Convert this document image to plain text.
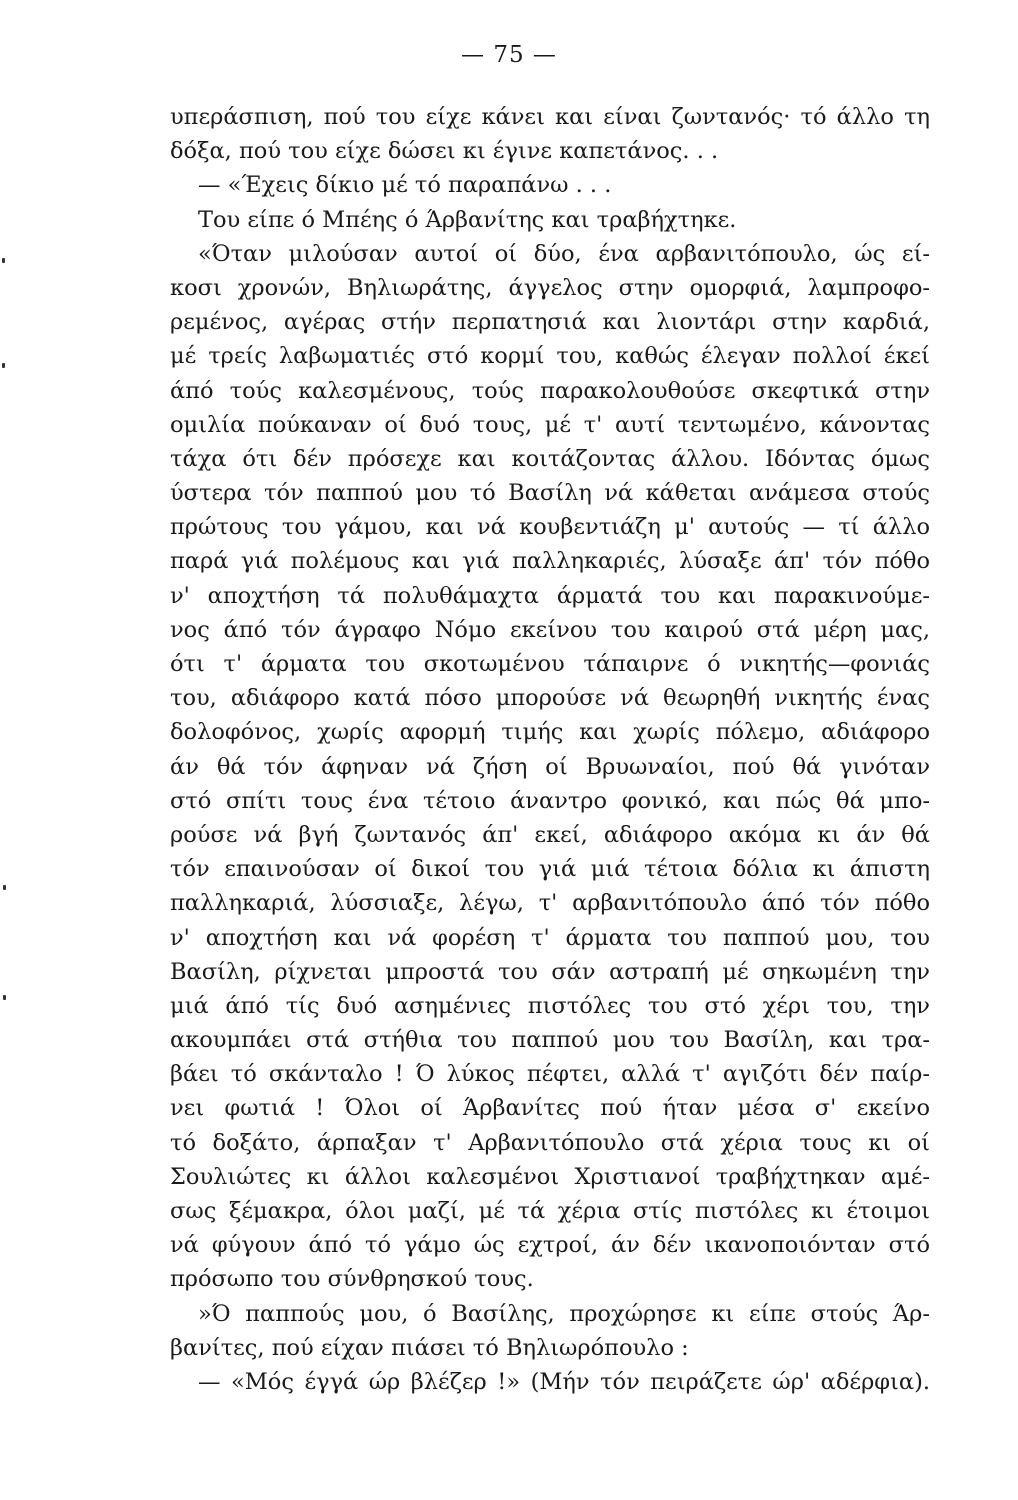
— 75 —
υπεράσπιση, πού του είχε κάνει και είναι ζωντανός· τό άλλο τη
δόξα, πού του είχε δώσει κι έγινε καπετάνος. . .
— «Έχεις δίκιο μέ τό παραπάνω . . .
Του είπε ό Μπέης ό Άρβανίτης και τραβήχτηκε.
«Όταν μιλούσαν αυτοί οί δύο, ένα αρβανιτόπουλο, ώς εί-
κοσι χρονών, Βηλιωράτης, άγγελος στην ομορφιά, λαμπροφο-
ρεμένος, αγέρας στήν περπατησιά και λιοντάρι στην καρδιά,
μέ τρείς λαβωματιές στό κορμί του, καθώς έλεγαν πολλοί έκεί
άπό τούς καλεσμένους, τούς παρακολουθούσε σκεφτικά στην
ομιλία πούκαναν οί δυό τους, μέ τ' αυτί τεντωμένο, κάνοντας
τάχα ότι δέν πρόσεχε και κοιτάζοντας άλλου. Ιδόντας όμως
ύστερα τόν παππού μου τό Βασίλη νά κάθεται ανάμεσα στούς
πρώτους του γάμου, και νά κουβεντιάζη μ' αυτούς — τί άλλο
παρά γιά πολέμους και γιά παλληκαριές, λύσαξε άπ' τόν πόθο
ν' αποχτήση τά πολυθάμαχτα άρματά του και παρακινούμε-
νος άπό τόν άγραφο Νόμο εκείνου του καιρού στά μέρη μας,
ότι τ' άρματα του σκοτωμένου τάπαιρνε ό νικητής—φονιάς
του, αδιάφορο κατά πόσο μπορούσε νά θεωρηθή νικητής ένας
δολοφόνος, χωρίς αφορμή τιμής και χωρίς πόλεμο, αδιάφορο
άν θά τόν άφηναν νά ζήση οί Βρυωναίοι, πού θά γινόταν
στό σπίτι τους ένα τέτοιο άναντρο φονικό, και πώς θά μπο-
ρούσε νά βγή ζωντανός άπ' εκεί, αδιάφορο ακόμα κι άν θά
τόν επαινούσαν οί δικοί του γιά μιά τέτοια δόλια κι άπιστη
παλληκαριά, λύσσιαξε, λέγω, τ' αρβανιτόπουλο άπό τόν πόθο
ν' αποχτήση και νά φορέση τ' άρματα του παππού μου, του
Βασίλη, ρίχνεται μπροστά του σάν αστραπή μέ σηκωμένη την
μιά άπό τίς δυό ασημένιες πιστόλες του στό χέρι του, την
ακουμπάει στά στήθια του παππού μου του Βασίλη, και τρα-
βάει τό σκάνταλο ! Ό λύκος πέφτει, αλλά τ' αγιζότι δέν παίρ-
νει φωτιά ! Όλοι οί Άρβανίτες πού ήταν μέσα σ' εκείνο
τό δοξάτο, άρπαξαν τ' Αρβανιτόπουλο στά χέρια τους κι οί
Σουλιώτες κι άλλοι καλεσμένοι Χριστιανοί τραβήχτηκαν αμέ-
σως ξέμακρα, όλοι μαζί, μέ τά χέρια στίς πιστόλες κι έτοιμοι
νά φύγουν άπό τό γάμο ώς εχτροί, άν δέν ικανοποιόνταν στό
πρόσωπο του σύνθρησκού τους.
»Ό παππούς μου, ό Βασίλης, προχώρησε κι είπε στούς Άρ-
βανίτες, πού είχαν πιάσει τό Βηλιωρόπουλο :
— «Μός έγγά ώρ βλέζερ !» (Μήν τόν πειράζετε ώρ' αδέρφια).
